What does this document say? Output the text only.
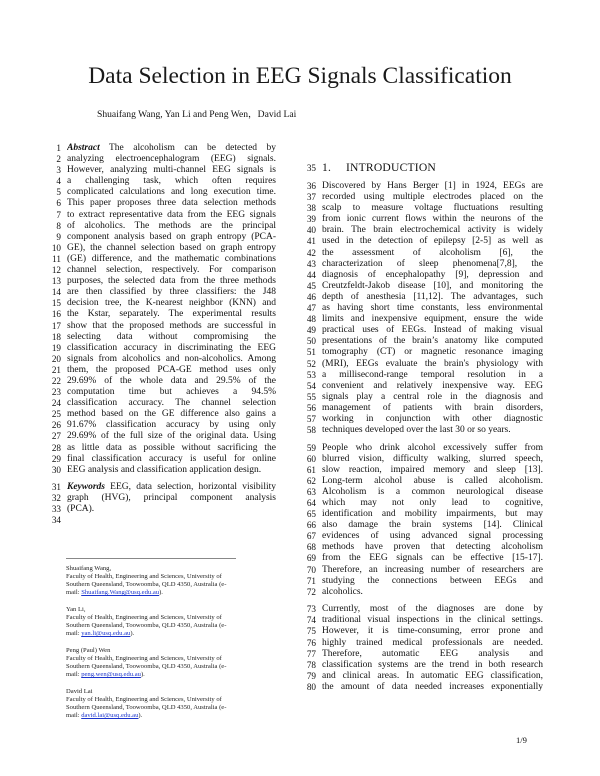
Data Selection in EEG Signals Classification
Shuaifang Wang, Yan Li and Peng Wen，David Lai
1 Abstract The alcoholism can be detected by
2 analyzing electroencephalogram (EEG) signals.
3 However, analyzing multi-channel EEG signals is
4 a challenging task, which often requires
5 complicated calculations and long execution time.
6 This paper proposes three data selection methods
7 to extract representative data from the EEG signals
8 of alcoholics. The methods are the principal
9 component analysis based on graph entropy (PCA-
10 GE), the channel selection based on graph entropy
11 (GE) difference, and the mathematic combinations
12 channel selection, respectively. For comparison
13 purposes, the selected data from the three methods
14 are then classified by three classifiers: the J48
15 decision tree, the K-nearest neighbor (KNN) and
16 the Kstar, separately. The experimental results
17 show that the proposed methods are successful in
18 selecting data without compromising the
19 classification accuracy in discriminating the EEG
20 signals from alcoholics and non-alcoholics. Among
21 them, the proposed PCA-GE method uses only
22 29.69% of the whole data and 29.5% of the
23 computation time but achieves a 94.5%
24 classification accuracy. The channel selection
25 method based on the GE difference also gains a
26 91.67% classification accuracy by using only
27 29.69% of the full size of the original data. Using
28 as little data as possible without sacrificing the
29 final classification accuracy is useful for online
30 EEG analysis and classification application design.
31 Keywords EEG, data selection, horizontal visibility
32 graph (HVG), principal component analysis
33 (PCA).
34
35 1. INTRODUCTION
36 Discovered by Hans Berger [1] in 1924, EEGs are
37 recorded using multiple electrodes placed on the
38 scalp to measure voltage fluctuations resulting
39 from ionic current flows within the neurons of the
40 brain. The brain electrochemical activity is widely
41 used in the detection of epilepsy [2-5] as well as
42 the assessment of alcoholism [6], the
43 characterization of sleep phenomena[7,8], the
44 diagnosis of encephalopathy [9], depression and
45 Creutzfeldt-Jakob disease [10], and monitoring the
46 depth of anesthesia [11,12]. The advantages, such
47 as having short time constants, less environmental
48 limits and inexpensive equipment, ensure the wide
49 practical uses of EEGs. Instead of making visual
50 presentations of the brain’s anatomy like computed
51 tomography (CT) or magnetic resonance imaging
52 (MRI), EEGs evaluate the brain's physiology with
53 a millisecond-range temporal resolution in a
54 convenient and relatively inexpensive way. EEG
55 signals play a central role in the diagnosis and
56 management of patients with brain disorders,
57 working in conjunction with other diagnostic
58 techniques developed over the last 30 or so years.
59 People who drink alcohol excessively suffer from
60 blurred vision, difficulty walking, slurred speech,
61 slow reaction, impaired memory and sleep [13].
62 Long-term alcohol abuse is called alcoholism.
63 Alcoholism is a common neurological disease
64 which may not only lead to cognitive,
65 identification and mobility impairments, but may
66 also damage the brain systems [14]. Clinical
67 evidences of using advanced signal processing
68 methods have proven that detecting alcoholism
69 from the EEG signals can be effective [15-17].
70 Therefore, an increasing number of researchers are
71 studying the connections between EEGs and
72 alcoholics.
73 Currently, most of the diagnoses are done by
74 traditional visual inspections in the clinical settings.
75 However, it is time-consuming, error prone and
76 highly trained medical professionals are needed.
77 Therefore, automatic EEG analysis and
78 classification systems are the trend in both research
79 and clinical areas. In automatic EEG classification,
80 the amount of data needed increases exponentially
Shuaifang Wang,
Faculty of Health, Engineering and Sciences, University of
Southern Queensland, Toowoomba, QLD 4350, Australia (e-
mail: Shuaifang.Wang@usq.edu.au).
Yan Li,
Faculty of Health, Engineering and Sciences, University of
Southern Queensland, Toowoomba, QLD 4350, Australia (e-
mail: yan.li@usq.edu.au).
Peng (Paul) Wen
Faculty of Health, Engineering and Sciences, University of
Southern Queensland, Toowoomba, QLD 4350, Australia (e-
mail: peng.wen@usq.edu.au).
David Lai
Faculty of Health, Engineering and Sciences, University of
Southern Queensland, Toowoomba, QLD 4350, Australia (e-
mail: david.lai@usq.edu.au).
1/9
